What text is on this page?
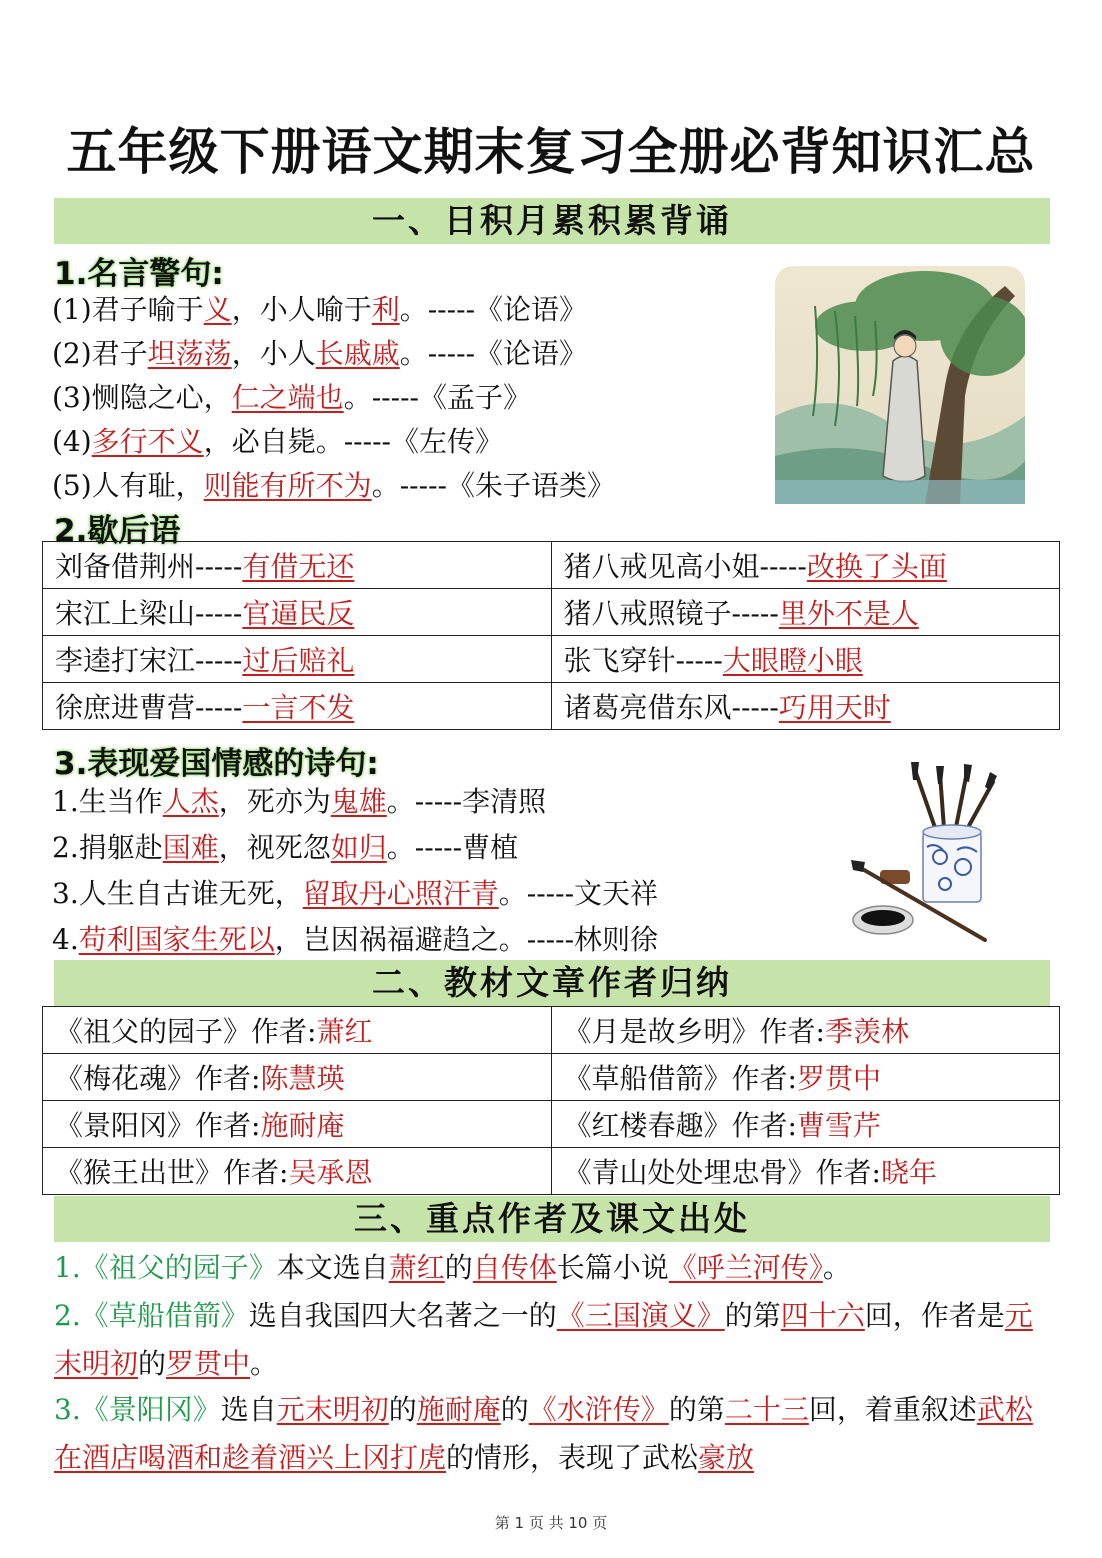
五年级下册语文期末复习全册必背知识汇总
一、日积月累积累背诵
1.名言警句:
(1)君子喻于义，小人喻于利。-----《论语》
(2)君子坦荡荡，小人长戚戚。-----《论语》
(3)恻隐之心，仁之端也。-----《孟子》
(4)多行不义，必自毙。-----《左传》
(5)人有耻，则能有所不为。-----《朱子语类》
2.歇后语
刘备借荆州-----有借无还	猪八戒见高小姐-----改换了头面
宋江上梁山-----官逼民反	猪八戒照镜子-----里外不是人
李逵打宋江-----过后赔礼	张飞穿针-----大眼瞪小眼
徐庶进曹营-----一言不发	诸葛亮借东风-----巧用天时
3.表现爱国情感的诗句:
1.生当作人杰，死亦为鬼雄。-----李清照
2.捐躯赴国难，视死忽如归。-----曹植
3.人生自古谁无死，留取丹心照汗青。-----文天祥
4.苟利国家生死以，岂因祸福避趋之。-----林则徐
二、教材文章作者归纳
《祖父的园子》作者:萧红	《月是故乡明》作者:季羡林
《梅花魂》作者:陈慧瑛	《草船借箭》作者:罗贯中
《景阳冈》作者:施耐庵	《红楼春趣》作者:曹雪芹
《猴王出世》作者:吴承恩	《青山处处埋忠骨》作者:晓年
三、重点作者及课文出处
1.《祖父的园子》本文选自萧红的自传体长篇小说《呼兰河传》。
2.《草船借箭》选自我国四大名著之一的《三国演义》的第四十六回，作者是元末明初的罗贯中。
3.《景阳冈》选自元末明初的施耐庵的《水浒传》的第二十三回，着重叙述武松在酒店喝酒和趁着酒兴上冈打虎的情形，表现了武松豪放
第 1 页 共 10 页
